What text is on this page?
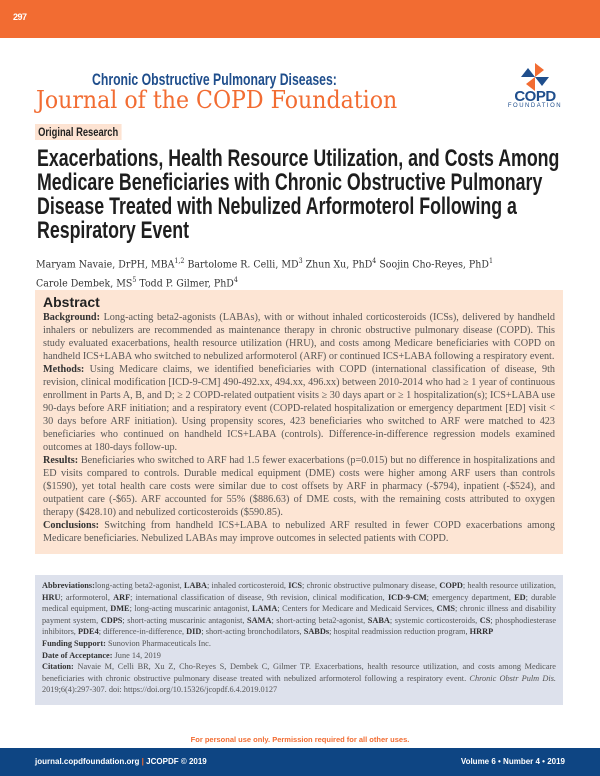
297
Chronic Obstructive Pulmonary Diseases:
Journal of the COPD Foundation	COPD
FOUNDATION
Original Research
Exacerbations, Health Resource Utilization, and Costs Among
Medicare Beneficiaries with Chronic Obstructive Pulmonary
Disease Treated with Nebulized Arformoterol Following a
Respiratory Event
Maryam Navaie, DrPH, MBA$^{1,2}$ Bartolome R. Celli, $MD^3$ Zhun Xu, PhD$^4$ Soojin Cho-Reyes, PhD$^1$
Carole Dembek, $MS^5$ Todd P. Gilmer, PhD$^4$
Abstract

Background: Long-acting beta2-agonists (LABAs), with or without inhaled corticosteroids (ICSs), delivered by handheld inhalers or nebulizers are recommended as maintenance therapy in chronic obstructive pulmonary disease (COPD). This study evaluated exacerbations, health resource utilization (HRU), and costs among Medicare beneficiaries with COPD on handheld ICS+LABA who switched to nebulized arformoterol (ARF) or continued ICS+LABA following a respiratory event.

Methods: Using Medicare claims, we identified beneficiaries with COPD (international classification of disease, 9th revision, clinical modification [ICD-9-CM] 490-492.xx, 494.xx, 496.xx) between 2010-2014 who had ≥ 1 year of continuous enrollment in Parts A, B, and D; ≥ 2 COPD-related outpatient visits ≥ 30 days apart or ≥ 1 hospitalization(s); ICS+LABA use 90-days before ARF initiation; and a respiratory event (COPD-related hospitalization or emergency department [ED] visit < 30 days before ARF initiation). Using propensity scores, 423 beneficiaries who switched to ARF were matched to 423 beneficiaries who continued on handheld ICS+LABA (controls). Difference-in-difference regression models examined outcomes at 180-days follow-up.

Results: Beneficiaries who switched to ARF had 1.5 fewer exacerbations (p=0.015) but no difference in hospitalizations and ED visits compared to controls. Durable medical equipment (DME) costs were higher among ARF users than controls ($1590), yet total health care costs were similar due to cost offsets by ARF in pharmacy (-$794), inpatient (-$524), and outpatient care (-$65). ARF accounted for 55% ($886.63) of DME costs, with the remaining costs attributed to oxygen therapy ($428.10) and nebulized corticosteroids ($590.85).

Conclusions: Switching from handheld ICS+LABA to nebulized ARF resulted in fewer COPD exacerbations among Medicare beneficiaries. Nebulized LABAs may improve outcomes in selected patients with COPD.

Abbreviations:long-acting beta2-agonist, LABA; inhaled corticosteroid, ICS; chronic obstructive pulmonary disease, COPD; health resource utilization, HRU; arformoterol, ARF; international classification of disease, 9th revision, clinical modification, ICD-9-CM; emergency department, ED; durable medical equipment, DME; long-acting muscarinic antagonist, LAMA; Centers for Medicare and Medicaid Services, CMS; chronic illness and disability payment system, CDPS; short-acting muscarinic antagonist, SAMA; short-acting beta2-agonist, SABA; systemic corticosteroids, CS; phosphodiesterase inhibitors, PDE4; difference-in-difference, DID; short-acting bronchodilators, SABDs; hospital readmission reduction program, HRRP

Funding Support: Sunovion Pharmaceuticals Inc.

Date of Acceptance: June 14, 2019

Citation: Navaie M, Celli BR, Xu Z, Cho-Reyes S, Dembek C, Gilmer TP. Exacerbations, health resource utilization, and costs among Medicare beneficiaries with chronic obstructive pulmonary disease treated with nebulized arformoterol following a respiratory event. Chronic Obstr Pulm Dis. 2019;6(4):297-307. doi: https://doi.org/10.15326/jcopdf.6.4.2019.0127

For personal use only. Permission required for all other uses.
journal.copdfoundation.org | JCOPDF © 2019	Volume 6 • Number 4 • 2019
